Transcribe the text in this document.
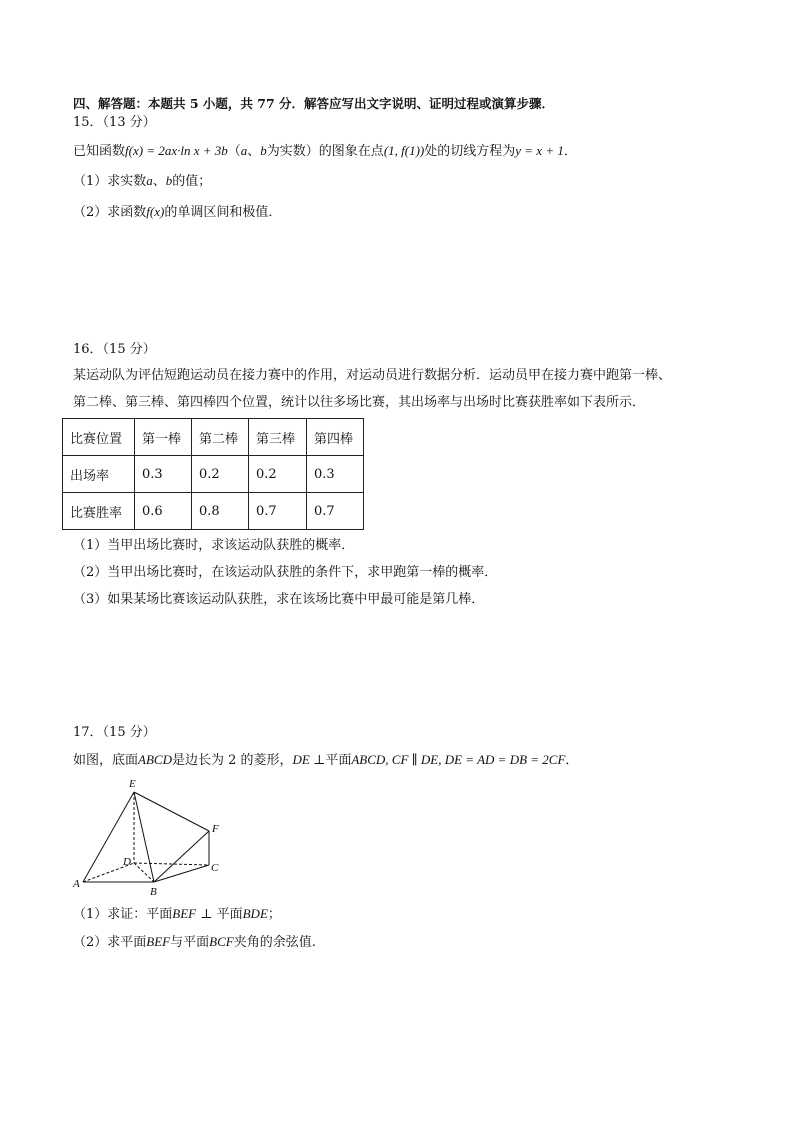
四、解答题：本题共 5 小题，共 77 分．解答应写出文字说明、证明过程或演算步骤．
15．（13 分）
已知函数f(x) = 2ax·ln x + 3b（a、b为实数）的图象在点(1, f(1))处的切线方程为y = x + 1．
（1）求实数a、b的值；
（2）求函数f(x)的单调区间和极值．
16．（15 分）
某运动队为评估短跑运动员在接力赛中的作用，对运动员进行数据分析．运动员甲在接力赛中跑第一棒、
第二棒、第三棒、第四棒四个位置，统计以往多场比赛，其出场率与出场时比赛获胜率如下表所示．
比赛位置	第一棒	第二棒	第三棒	第四棒
出场率	0.3	0.2	0.2	0.3
比赛胜率	0.6	0.8	0.7	0.7
（1）当甲出场比赛时，求该运动队获胜的概率．
（2）当甲出场比赛时，在该运动队获胜的条件下，求甲跑第一棒的概率．
（3）如果某场比赛该运动队获胜，求在该场比赛中甲最可能是第几棒．
17．（15 分）
如图，底面ABCD是边长为 2 的菱形，DE ⊥平面ABCD, CF ∥ DE, DE = AD = DB = 2CF．
E
F
D	C
A
B
（1）求证：平面BEF ⊥ 平面BDE；
（2）求平面BEF与平面BCF夹角的余弦值.
